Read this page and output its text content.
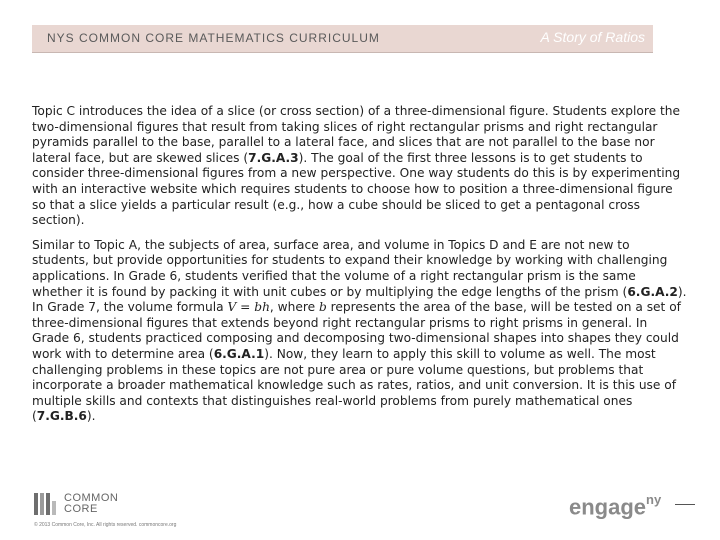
NYS COMMON CORE MATHEMATICS CURRICULUM	A Story of Ratios

Topic C introduces the idea of a slice (or cross section) of a three-dimensional figure. Students explore the two-dimensional figures that result from taking slices of right rectangular prisms and right rectangular pyramids parallel to the base, parallel to a lateral face, and slices that are not parallel to the base nor lateral face, but are skewed slices (7.G.A.3). The goal of the first three lessons is to get students to consider three-dimensional figures from a new perspective. One way students do this is by experimenting with an interactive website which requires students to choose how to position a three-dimensional figure so that a slice yields a particular result (e.g., how a cube should be sliced to get a pentagonal cross section).

Similar to Topic A, the subjects of area, surface area, and volume in Topics D and E are not new to students, but provide opportunities for students to expand their knowledge by working with challenging applications. In Grade 6, students verified that the volume of a right rectangular prism is the same whether it is found by packing it with unit cubes or by multiplying the edge lengths of the prism (6.G.A.2). In Grade 7, the volume formula V = bh, where b represents the area of the base, will be tested on a set of three-dimensional figures that extends beyond right rectangular prisms to right prisms in general. In Grade 6, students practiced composing and decomposing two-dimensional shapes into shapes they could work with to determine area (6.G.A.1). Now, they learn to apply this skill to volume as well. The most challenging problems in these topics are not pure area or pure volume questions, but problems that incorporate a broader mathematical knowledge such as rates, ratios, and unit conversion. It is this use of multiple skills and contexts that distinguishes real-world problems from purely mathematical ones (7.G.B.6).

COMMON
CORE
© 2013 Common Core, Inc. All rights reserved. commoncore.org
engage$^{ny}$
